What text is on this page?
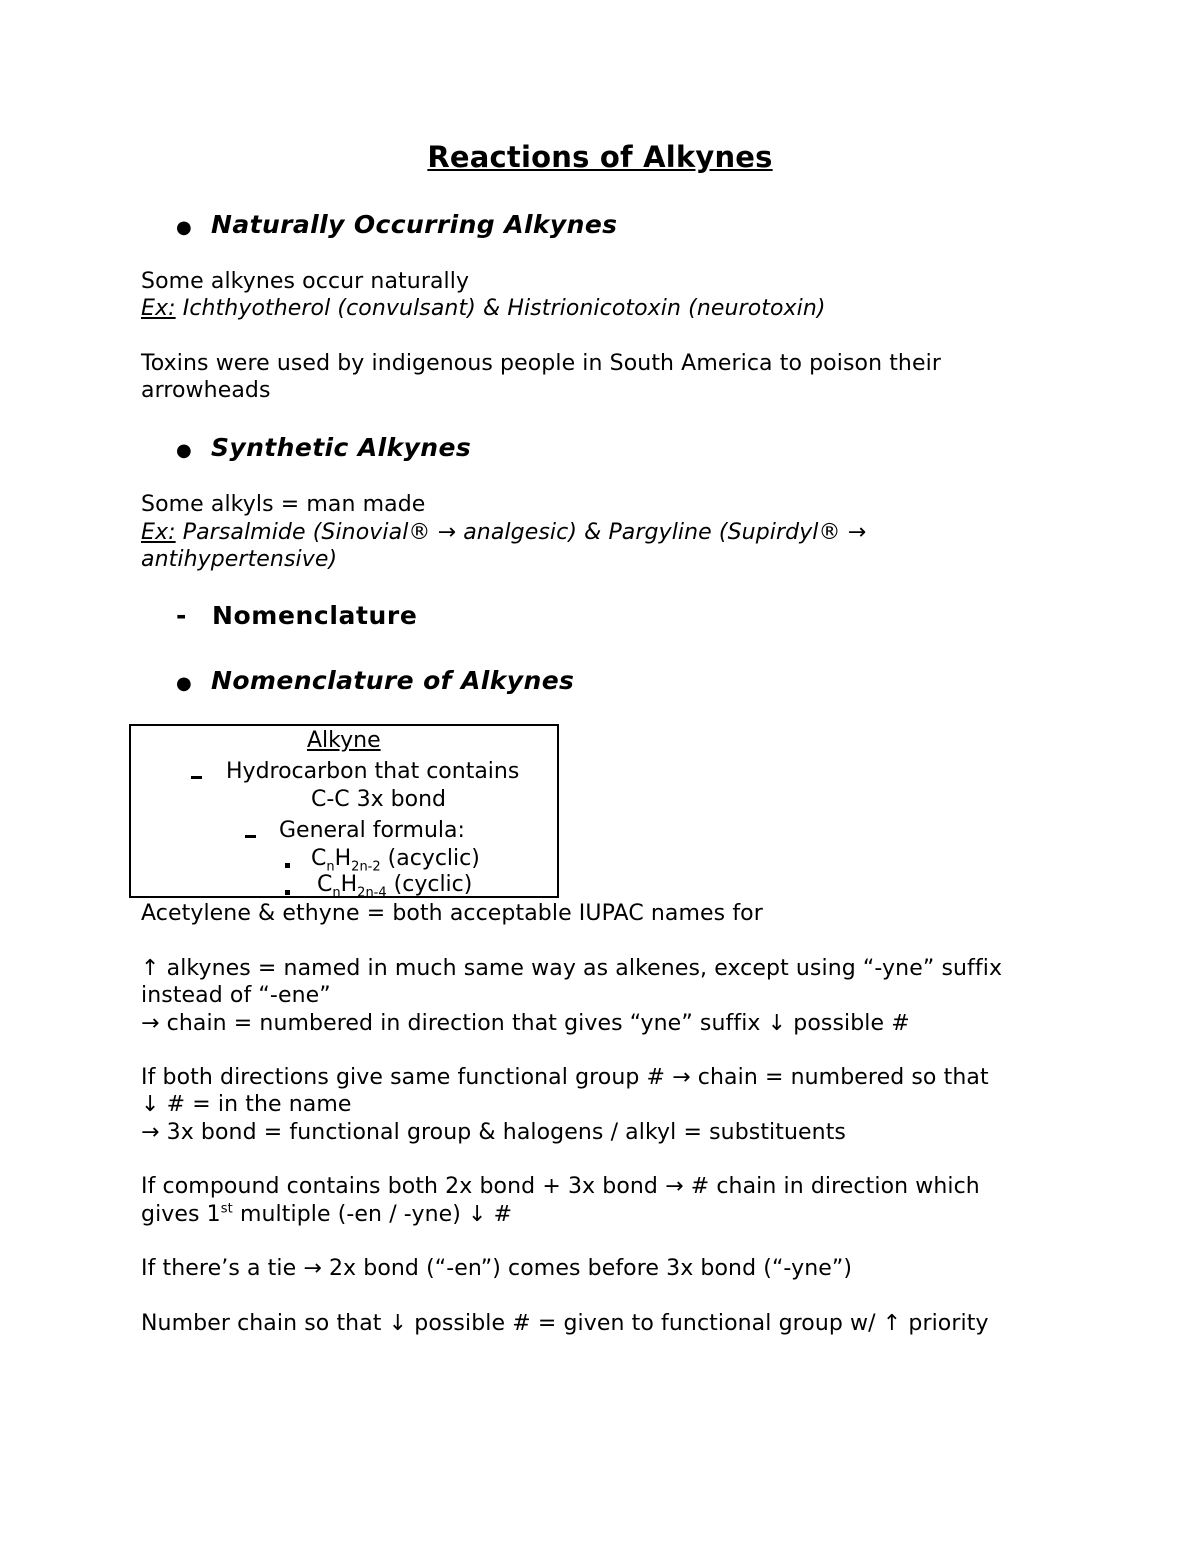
Reactions of Alkynes
● Naturally Occurring Alkynes
Some alkynes occur naturally
Ex: Ichthyotherol (convulsant) & Histrionicotoxin (neurotoxin)
Toxins were used by indigenous people in South America to poison their
arrowheads
● Synthetic Alkynes
Some alkyls = man made
Ex: Parsalmide (Sinovial® → analgesic) & Pargyline (Supirdyl® →
antihypertensive)
- Nomenclature
● Nomenclature of Alkynes
Alkyne
Hydrocarbon that contains
C-C 3x bond
General formula:
$C_nH_{2n-2}$ (acyclic)
$C_nH_{2n-4}$ (cyclic)
Acetylene & ethyne = both acceptable IUPAC names for
↑ alkynes = named in much same way as alkenes, except using “-yne” suffix
instead of “-ene”
→ chain = numbered in direction that gives “yne” suffix ↓ possible #
If both directions give same functional group # → chain = numbered so that
↓ # = in the name
→ 3x bond = functional group & halogens / alkyl = substituents
If compound contains both 2x bond + 3x bond → # chain in direction which
gives 1st multiple (-en / -yne) ↓ #
If there’s a tie → 2x bond (“-en”) comes before 3x bond (“-yne”)
Number chain so that ↓ possible # = given to functional group w/ ↑ priority
